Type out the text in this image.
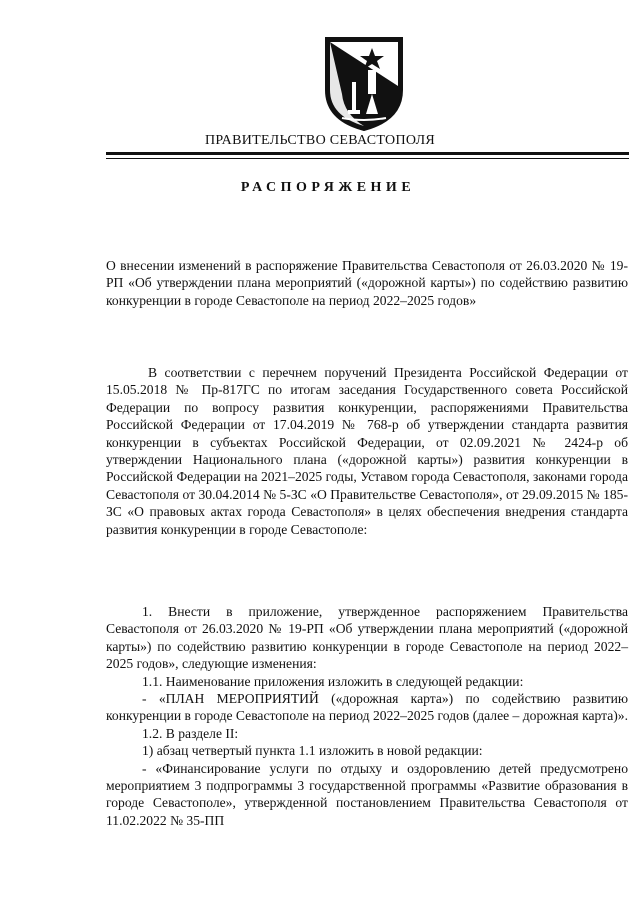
ПРАВИТЕЛЬСТВО СЕВАСТОПОЛЯ
РАСПОРЯЖЕНИЕ

О внесении изменений в распоряжение Правительства Севастополя от 26.03.2020 № 19-РП «Об утверждении плана мероприятий («дорожной карты») по содействию развитию конкуренции в городе Севастополе на период 2022–2025 годов»

В соответствии с перечнем поручений Президента Российской Федерации от 15.05.2018 № Пр-817ГС по итогам заседания Государственного совета Российской Федерации по вопросу развития конкуренции, распоряжениями Правительства Российской Федерации от 17.04.2019 № 768-р об утверждении стандарта развития конкуренции в субъектах Российской Федерации, от 02.09.2021 № 2424-р об утверждении Национального плана («дорожной карты») развития конкуренции в Российской Федерации на 2021–2025 годы, Уставом города Севастополя, законами города Севастополя от 30.04.2014 № 5-ЗС «О Правительстве Севастополя», от 29.09.2015 № 185-ЗС «О правовых актах города Севастополя» в целях обеспечения внедрения стандарта развития конкуренции в городе Севастополе:

1. Внести в приложение, утвержденное распоряжением Правительства Севастополя от 26.03.2020 № 19-РП «Об утверждении плана мероприятий («дорожной карты») по содействию развитию конкуренции в городе Севастополе на период 2022–2025 годов», следующие изменения:

1.1. Наименование приложения изложить в следующей редакции:

- «ПЛАН МЕРОПРИЯТИЙ («дорожная карта») по содействию развитию конкуренции в городе Севастополе на период 2022–2025 годов (далее – дорожная карта)».

1.2. В разделе II:

1) абзац четвертый пункта 1.1 изложить в новой редакции:

- «Финансирование услуги по отдыху и оздоровлению детей предусмотрено мероприятием 3 подпрограммы 3 государственной программы «Развитие образования в городе Севастополе», утвержденной постановлением Правительства Севастополя от 11.02.2022 № 35-ПП
